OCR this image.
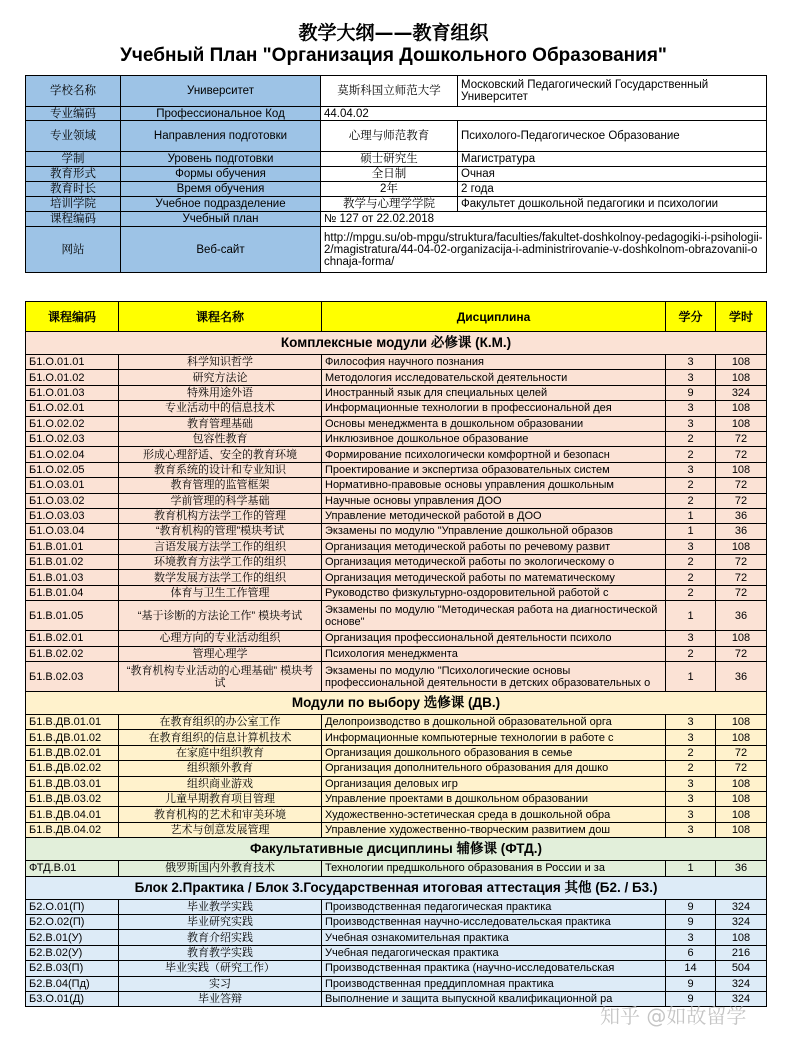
教学大纲——教育组织
Учебный План "Организация Дошкольного Образования"
学校名称	Университет	莫斯科国立师范大学	Московский Педагогический Государственный Университет
专业编码	Профессиональное Код	44.04.02	
专业领域	Направления подготовки	心理与师范教育	Психолого-Педагогическое Образование
学制	Уровень подготовки	硕士研究生	Магистратура
教育形式	Формы обучения	全日制	Очная
教育时长	Время обучения	2年	2 года
培训学院	Учебное подразделение	教学与心理学学院	Факультет дошкольной педагогики и психологии
课程编码	Учебный план	№ 127 от 22.02.2018	
网站	Веб-сайт	http://mpgu.su/ob-mpgu/struktura/faculties/fakultet-doshkolnoy-pedagogiki-i-psihologii-2/magistratura/44-04-02-organizacija-i-administrirovanie-v-doshkolnom-obrazovanii-ochnaja-forma/	
课程编码	课程名称	Дисциплина	学分	学时
Комплексные модули 必修课 (К.М.)				
Б1.О.01.01	科学知识哲学	Философия научного познания	3	108
Б1.О.01.02	研究方法论	Методология исследовательской деятельности	3	108
Б1.О.01.03	特殊用途外语	Иностранный язык для специальных целей	9	324
Б1.О.02.01	专业活动中的信息技术	Информационные технологии в профессиональной дея	3	108
Б1.О.02.02	教育管理基础	Основы менеджмента в дошкольном образовании	3	108
Б1.О.02.03	包容性教育	Инклюзивное дошкольное образование	2	72
Б1.О.02.04	形成心理舒适、安全的教育环境	Формирование психологически комфортной и безопасн	2	72
Б1.О.02.05	教育系统的设计和专业知识	Проектирование и экспертиза образовательных систем	3	108
Б1.О.03.01	教育管理的监管框架	Нормативно-правовые основы управления дошкольным	2	72
Б1.О.03.02	学前管理的科学基础	Научные основы управления ДОО	2	72
Б1.О.03.03	教育机构方法学工作的管理	Управление методической работой в ДОО	1	36
Б1.О.03.04	“教育机构的管理”模块考试	Экзамены по модулю "Управление дошкольной образов	1	36
Б1.В.01.01	言语发展方法学工作的组织	Организация методической работы по речевому развит	3	108
Б1.В.01.02	环境教育方法学工作的组织	Организация методической работы по экологическому о	2	72
Б1.В.01.03	数学发展方法学工作的组织	Организация методической работы по математическому	2	72
Б1.В.01.04	体育与卫生工作管理	Руководство физкультурно-оздоровительной работой с	2	72
Б1.В.01.05	“基于诊断的方法论工作” 模块考试	Экзамены по модулю "Методическая работа на диагностической основе"	1	36
Б1.В.02.01	心理方向的专业活动组织	Организация профессиональной деятельности психоло	3	108
Б1.В.02.02	管理心理学	Психология менеджмента	2	72
Б1.В.02.03	“教育机构专业活动的心理基础” 模块考试	Экзамены по модулю "Психологические основы профессиональной деятельности в детских образовательных о	1	36
Модули по выбору 选修课 (ДВ.)				
Б1.В.ДВ.01.01	在教育组织的办公室工作	Делопроизводство в дошкольной образовательной орга	3	108
Б1.В.ДВ.01.02	在教育组织的信息计算机技术	Информационные компьютерные технологии в работе с	3	108
Б1.В.ДВ.02.01	在家庭中组织教育	Организация дошкольного образования в семье	2	72
Б1.В.ДВ.02.02	组织额外教育	Организация дополнительного образования для дошко	2	72
Б1.В.ДВ.03.01	组织商业游戏	Организация деловых игр	3	108
Б1.В.ДВ.03.02	儿童早期教育项目管理	Управление проектами в дошкольном образовании	3	108
Б1.В.ДВ.04.01	教育机构的艺术和审美环境	Художественно-эстетическая среда в дошкольной обра	3	108
Б1.В.ДВ.04.02	艺术与创意发展管理	Управление художественно-творческим развитием дош	3	108
Факультативные дисциплины 辅修课 (ФТД.)				
ФТД.В.01	俄罗斯国内外教育技术	Технологии предшкольного образования в России и за	1	36
Блок 2.Практика / Блок 3.Государственная итоговая аттестация 其他 (Б2. / Б3.)				
Б2.О.01(П)	毕业教学实践	Производственная педагогическая практика	9	324
Б2.О.02(П)	毕业研究实践	Производственная научно-исследовательская практика	9	324
Б2.В.01(У)	教育介绍实践	Учебная ознакомительная практика	3	108
Б2.В.02(У)	教育教学实践	Учебная педагогическая практика	6	216
Б2.В.03(П)	毕业实践（研究工作）	Производственная практика (научно-исследовательская	14	504
Б2.В.04(Пд)	实习	Производственная преддипломная практика	9	324
Б3.О.01(Д)	毕业答辩	Выполнение и защита выпускной квалификационной ра	9	324
知乎 @如故留学
